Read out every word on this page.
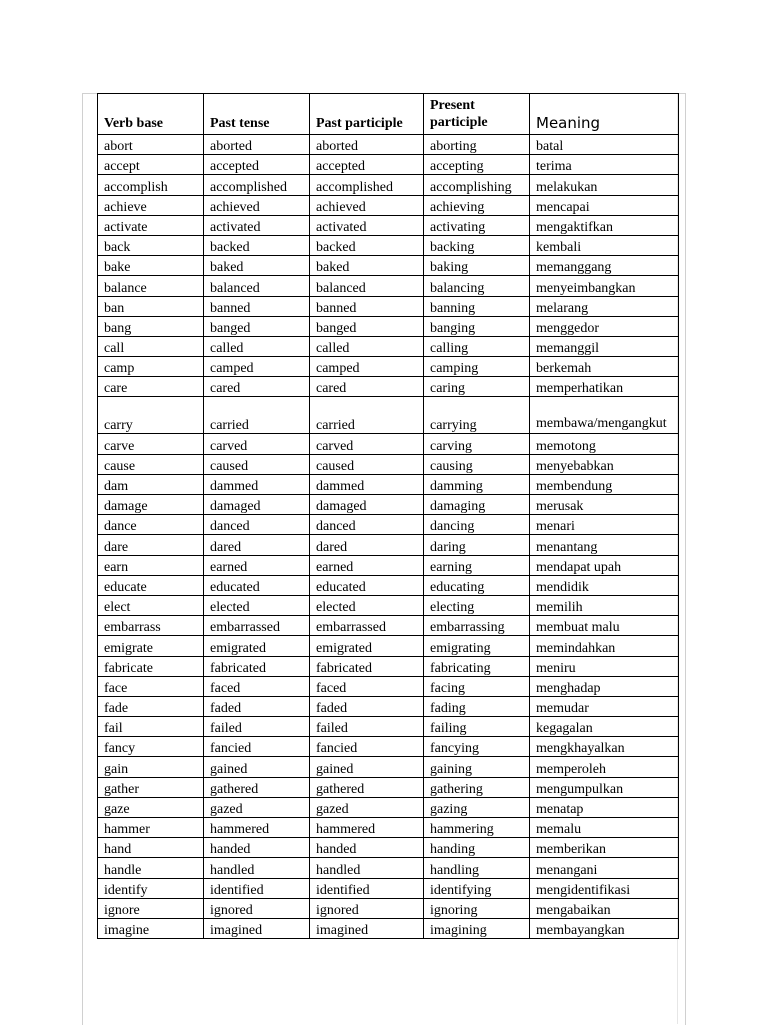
Verb base	Past tense	Past participle	Present participle	Meaning
abort	aborted	aborted	aborting	batal
accept	accepted	accepted	accepting	terima
accomplish	accomplished	accomplished	accomplishing	melakukan
achieve	achieved	achieved	achieving	mencapai
activate	activated	activated	activating	mengaktifkan
back	backed	backed	backing	kembali
bake	baked	baked	baking	memanggang
balance	balanced	balanced	balancing	menyeimbangkan
ban	banned	banned	banning	melarang
bang	banged	banged	banging	menggedor
call	called	called	calling	memanggil
camp	camped	camped	camping	berkemah
care	cared	cared	caring	memperhatikan
carry	carried	carried	carrying	membawa/mengangkut
carve	carved	carved	carving	memotong
cause	caused	caused	causing	menyebabkan
dam	dammed	dammed	damming	membendung
damage	damaged	damaged	damaging	merusak
dance	danced	danced	dancing	menari
dare	dared	dared	daring	menantang
earn	earned	earned	earning	mendapat upah
educate	educated	educated	educating	mendidik
elect	elected	elected	electing	memilih
embarrass	embarrassed	embarrassed	embarrassing	membuat malu
emigrate	emigrated	emigrated	emigrating	memindahkan
fabricate	fabricated	fabricated	fabricating	meniru
face	faced	faced	facing	menghadap
fade	faded	faded	fading	memudar
fail	failed	failed	failing	kegagalan
fancy	fancied	fancied	fancying	mengkhayalkan
gain	gained	gained	gaining	memperoleh
gather	gathered	gathered	gathering	mengumpulkan
gaze	gazed	gazed	gazing	menatap
hammer	hammered	hammered	hammering	memalu
hand	handed	handed	handing	memberikan
handle	handled	handled	handling	menangani
identify	identified	identified	identifying	mengidentifikasi
ignore	ignored	ignored	ignoring	mengabaikan
imagine	imagined	imagined	imagining	membayangkan
